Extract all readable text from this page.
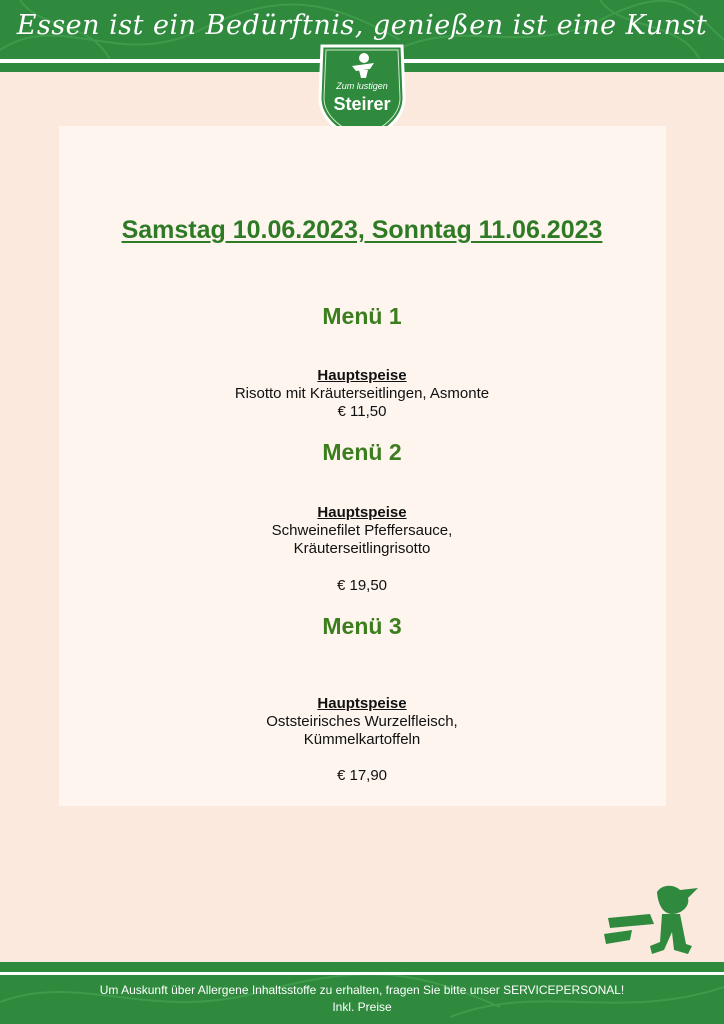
Essen ist ein Bedürftnis, genießen ist eine Kunst
Zum lustigen
Steirer
Samstag 10.06.2023, Sonntag 11.06.2023
Menü 1
Hauptspeise
Risotto mit Kräuterseitlingen, Asmonte
€ 11,50
Menü 2
Hauptspeise
Schweinefilet Pfeffersauce,
Kräuterseitlingrisotto
€ 19,50
Menü 3
Hauptspeise
Oststeirisches Wurzelfleisch,
Kümmelkartoffeln
€ 17,90
Um Auskunft über Allergene Inhaltsstoffe zu erhalten, fragen Sie bitte unser SERVICEPERSONAL!
Inkl. Preise
